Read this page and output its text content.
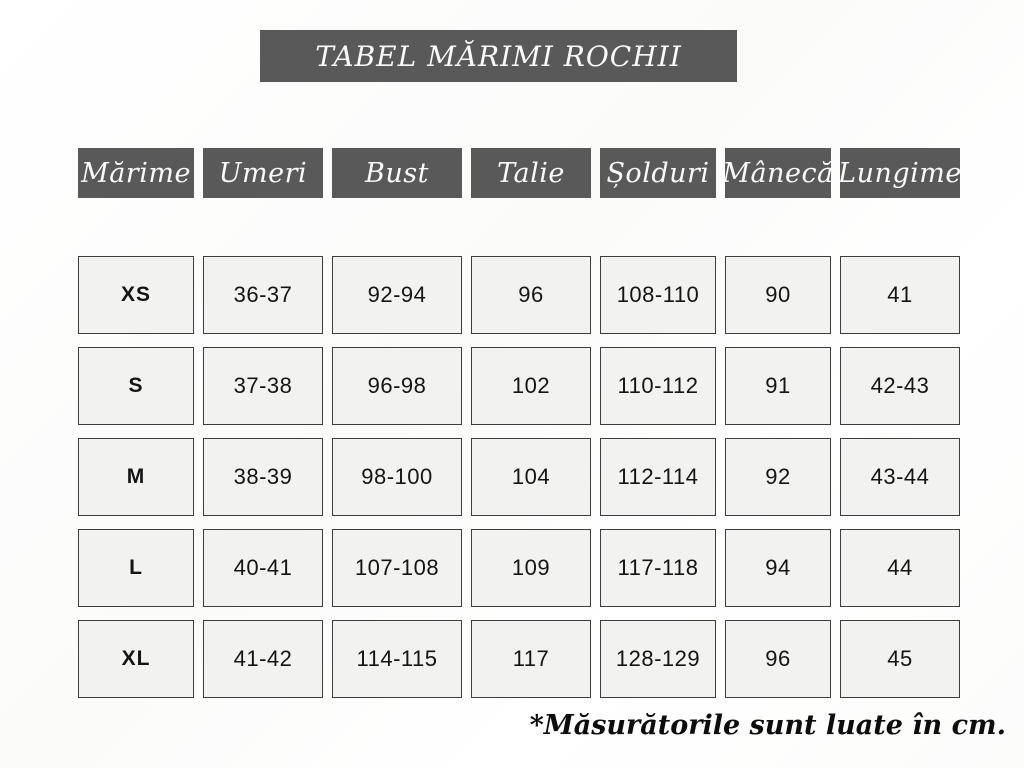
TABEL MĂRIMI ROCHII
Mărime	Umeri	Bust	Talie	Șolduri Mânecă Lungime
XS	36-37	92-94	96	108-110	90	41
S	37-38	96-98	102	110-112	91	42-43
M	38-39	98-100	104	112-114	92	43-44
L	40-41	107-108	109	117-118	94	44
XL	41-42	114-115	117	128-129	96	45
*Măsurătorile sunt luate în cm.
